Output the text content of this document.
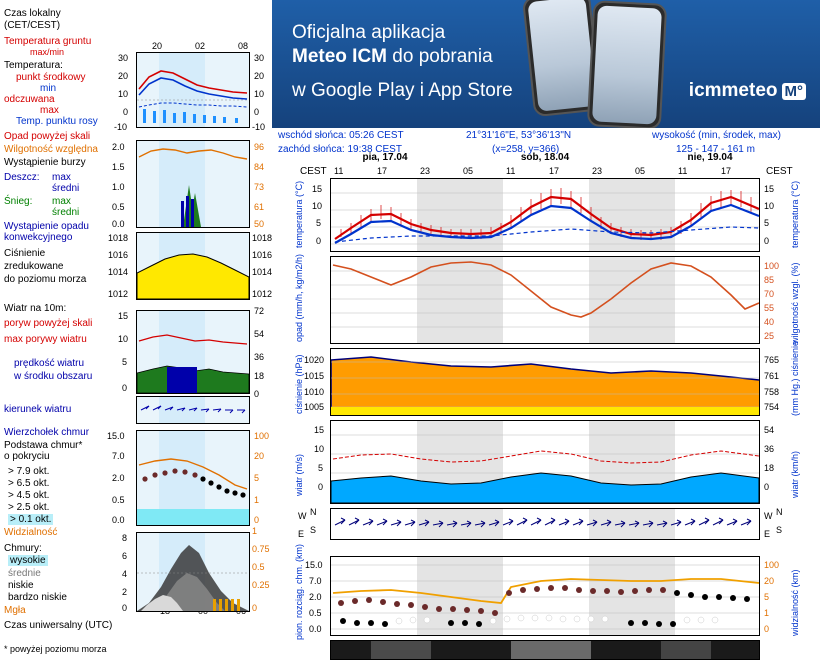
Czas lokalny
(CET/CEST)
Temperatura gruntu
max/min
Temperatura:
punkt środkowy
min
odczuwana
max
Temp. punktu rosy
Opad powyżej skali
Wilgotność względna
Wystąpienie burzy
Deszcz: max
średni
Śnieg: max
średni
Wystąpienie opadu
konwekcyjnego
Ciśnienie
zredukowane
do poziomu morza
Wiatr na 10m:
poryw powyżej skali
max porywy wiatru
prędkość wiatru
w środku obszaru
kierunek wiatru
Wierzchołek chmur
Podstawa chmur*
o pokryciu
> 7.9 okt.
> 6.5 okt.
> 4.5 okt.
> 2.5 okt.
> 0.1 okt.
Widzialność
Chmury:
wysokie
średnie
niskie
bardzo niskie
Mgła
Czas uniwersalny (UTC)
* powyżej poziomu morza
20	02	08
30
20
10
0
-10
30
20
10
0
-10
2.0
1.5
1.0
0.5
0.0
96
84
73
61
50
1018
1016
1014
1012
1018
1016
1014
1012
15
10
5
0
72
54
36
18
0
15.0
7.0
2.0
0.5
0.0
100
20
5
1
0
8
6
4
2
0
1
0.75
0.5
0.25
0
Oficjalna aplikacja
Meteo ICM do pobrania
w Google Play i App Store	icmmeteo M°
wschód słońca: 05:26 CEST
zachód słońca: 19:38 CEST
21°31'16"E, 53°36'13"N
(x=258, y=366)
wysokość (min, środek, max)
125 - 147 - 161 m
CEST	CEST
pia, 17.04	sob, 18.04	nie, 19.04
11	17	23	05	11	17	23	05	11	17
temperatura (°C)	temperatura (°C)
15
10
5
0
15
10
5
0
opad (mm/h, kg/m2/h)	wilgotność wzgl. (%)
100
85
70
55
40
25
ciśnienie (hPa)	(mm Hg.) ciśnienie
1020
1015
1010
1005
765
761
758
754
wiatr (m/s)	wiatr (km/h)
15
10
5
0
54
36
18
0
W N
S
E
W N
S
E
pion. rozciąg. chm. (km)	widzialność (km)
15.0
7.0
2.0
0.5
0.0
100
20
5
1
0
